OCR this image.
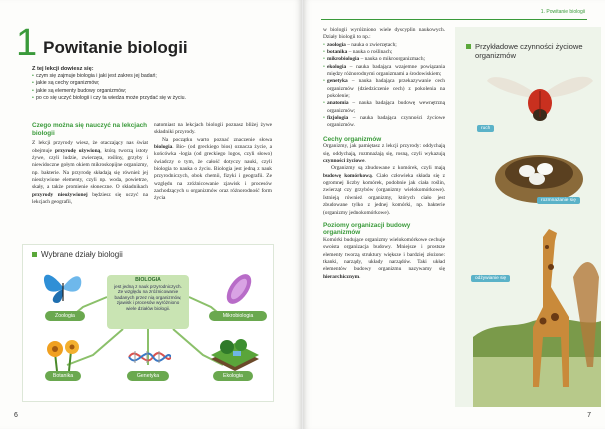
1 Powitanie biologii
Z tej lekcji dowiesz się:
• czym się zajmuje biologia i jaki jest zakres jej badań;
• jakie są cechy organizmów;
• jakie są elementy budowy organizmów;
• po co się uczyć biologii i czy ta wiedza może przydać się w życiu.
Czego można się nauczyć na lekcjach biologii

Z lekcji przyrody wiesz, że otaczający nas świat obejmuje przyrodę ożywioną, którą tworzą istoty żywe, czyli ludzie, zwierzęta, rośliny, grzyby i niewidoczne gołym okiem mikroskopijne organizmy, np. bakterie. Na przyrodę składają się również jej nieożywione elementy, czyli np. woda, powietrze, skały, a także promienie słoneczne. O składnikach przyrody nieożywionej będziesz się uczyć na lekcjach geografii,

natomiast na lekcjach biologii poznasz bliżej żywe składniki przyrody.

Na początku warto poznać znaczenie słowa biologia. Bio- (od greckiego bios) oznacza życie, a końcówka -logia (od greckiego logos, czyli słowo) świadczy o tym, że całość dotyczy nauki, czyli biologia to nauka o życiu. Biologia jest jedną z nauk przyrodniczych, obok chemii, fizyki i geografii. Ze względu na zróżnicowanie zjawisk i procesów zachodzących u organizmów oraz różnorodność form życia

Wybrane działy biologii
BIOLOGIA
jest jedną z nauk przyrodniczych. Ze względu na zróżnicowanie badanych przez nią organizmów, zjawisk i procesów wyróżniono wiele działów biologii.
Zoologia	Mikrobiologia
Botanika	Genetyka	Ekologia
6
1. Powitanie biologii

w biologii wyróżniono wiele dyscyplin naukowych. Działy biologii to np.:

• zoologia – nauka o zwierzętach;
• botanika – nauka o roślinach;
• mikrobiologia – nauka o mikroorganizmach;
• ekologia – nauka badająca wzajemne powiązania między różnorodnymi organizmami a środowiskiem;
• genetyka – nauka badająca przekazywanie cech organizmów (dziedziczenie cech) z pokolenia na pokolenie;
• anatomia – nauka badająca budowę wewnętrzną organizmów;
• fizjologia – nauka badająca czynności życiowe organizmów.
Cechy organizmów

Organizmy, jak pamiętasz z lekcji przyrody: oddychają się, oddychają, rozmnażają się, rosną, czyli wykazują czynności życiowe.

Organizmy są zbudowane z komórek, czyli mają budowę komórkową. Ciało człowieka składa się z ogromnej liczby komórek, podobnie jak ciała roślin, zwierząt czy grzybów (organizmy wielokomórkowe). Istnieją również organizmy, których ciało jest zbudowane tylko z jednej komórki, np. bakterie (organizmy jednokomórkowe).

Poziomy organizacji budowy organizmów

Komórki budujące organizmy wielokomórkowe cechuje swoista organizacja budowy. Mniejsze i prostsze elementy tworzą struktury większe i bardziej złożone: tkanki, narządy, układy narządów. Taki układ elementów budowy organizmu nazywamy się hierarchicznym.

Przykładowe czynności życiowe organizmów
ruch
rozmnażanie się
odżywianie się
7
